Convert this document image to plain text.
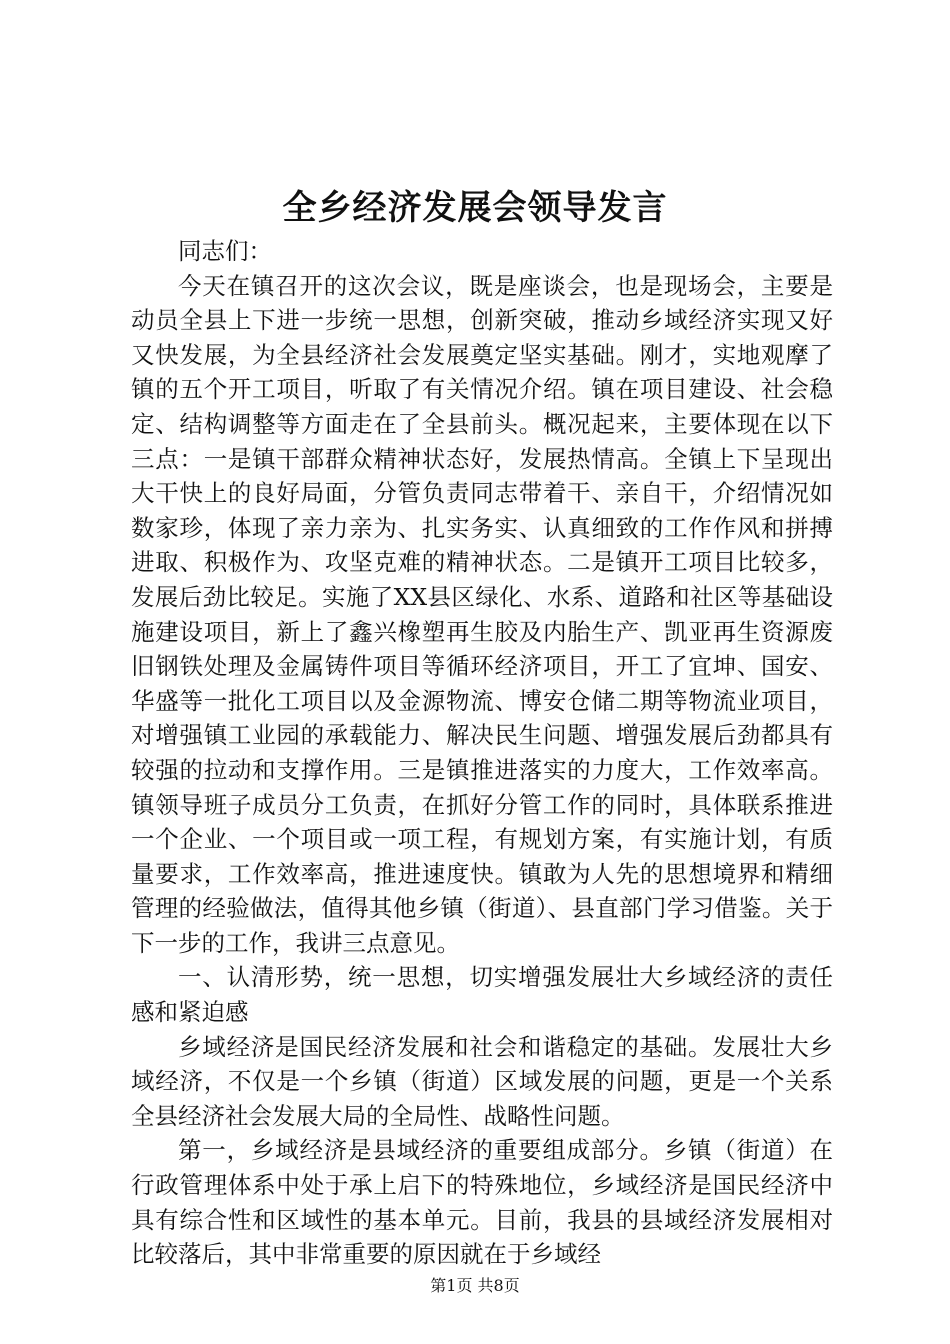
全乡经济发展会领导发言

同志们：

今天在镇召开的这次会议，既是座谈会，也是现场会，主要是动员全县上下进一步统一思想，创新突破，推动乡域经济实现又好又快发展，为全县经济社会发展奠定坚实基础。刚才，实地观摩了镇的五个开工项目，听取了有关情况介绍。镇在项目建设、社会稳定、结构调整等方面走在了全县前头。概况起来，主要体现在以下三点：一是镇干部群众精神状态好，发展热情高。全镇上下呈现出大干快上的良好局面，分管负责同志带着干、亲自干，介绍情况如数家珍，体现了亲力亲为、扎实务实、认真细致的工作作风和拼搏进取、积极作为、攻坚克难的精神状态。二是镇开工项目比较多，发展后劲比较足。实施了XX县区绿化、水系、道路和社区等基础设施建设项目，新上了鑫兴橡塑再生胶及内胎生产、凯亚再生资源废旧钢铁处理及金属铸件项目等循环经济项目，开工了宜坤、国安、华盛等一批化工项目以及金源物流、博安仓储二期等物流业项目，对增强镇工业园的承载能力、解决民生问题、增强发展后劲都具有较强的拉动和支撑作用。三是镇推进落实的力度大，工作效率高。镇领导班子成员分工负责，在抓好分管工作的同时，具体联系推进一个企业、一个项目或一项工程，有规划方案，有实施计划，有质量要求，工作效率高，推进速度快。镇敢为人先的思想境界和精细管理的经验做法，值得其他乡镇（街道）、县直部门学习借鉴。关于下一步的工作，我讲三点意见。

一、认清形势，统一思想，切实增强发展壮大乡域经济的责任感和紧迫感

乡域经济是国民经济发展和社会和谐稳定的基础。发展壮大乡域经济，不仅是一个乡镇（街道）区域发展的问题，更是一个关系全县经济社会发展大局的全局性、战略性问题。

第一，乡域经济是县域经济的重要组成部分。乡镇（街道）在行政管理体系中处于承上启下的特殊地位，乡域经济是国民经济中具有综合性和区域性的基本单元。目前，我县的县域经济发展相对比较落后，其中非常重要的原因就在于乡域经

第1页 共8页
